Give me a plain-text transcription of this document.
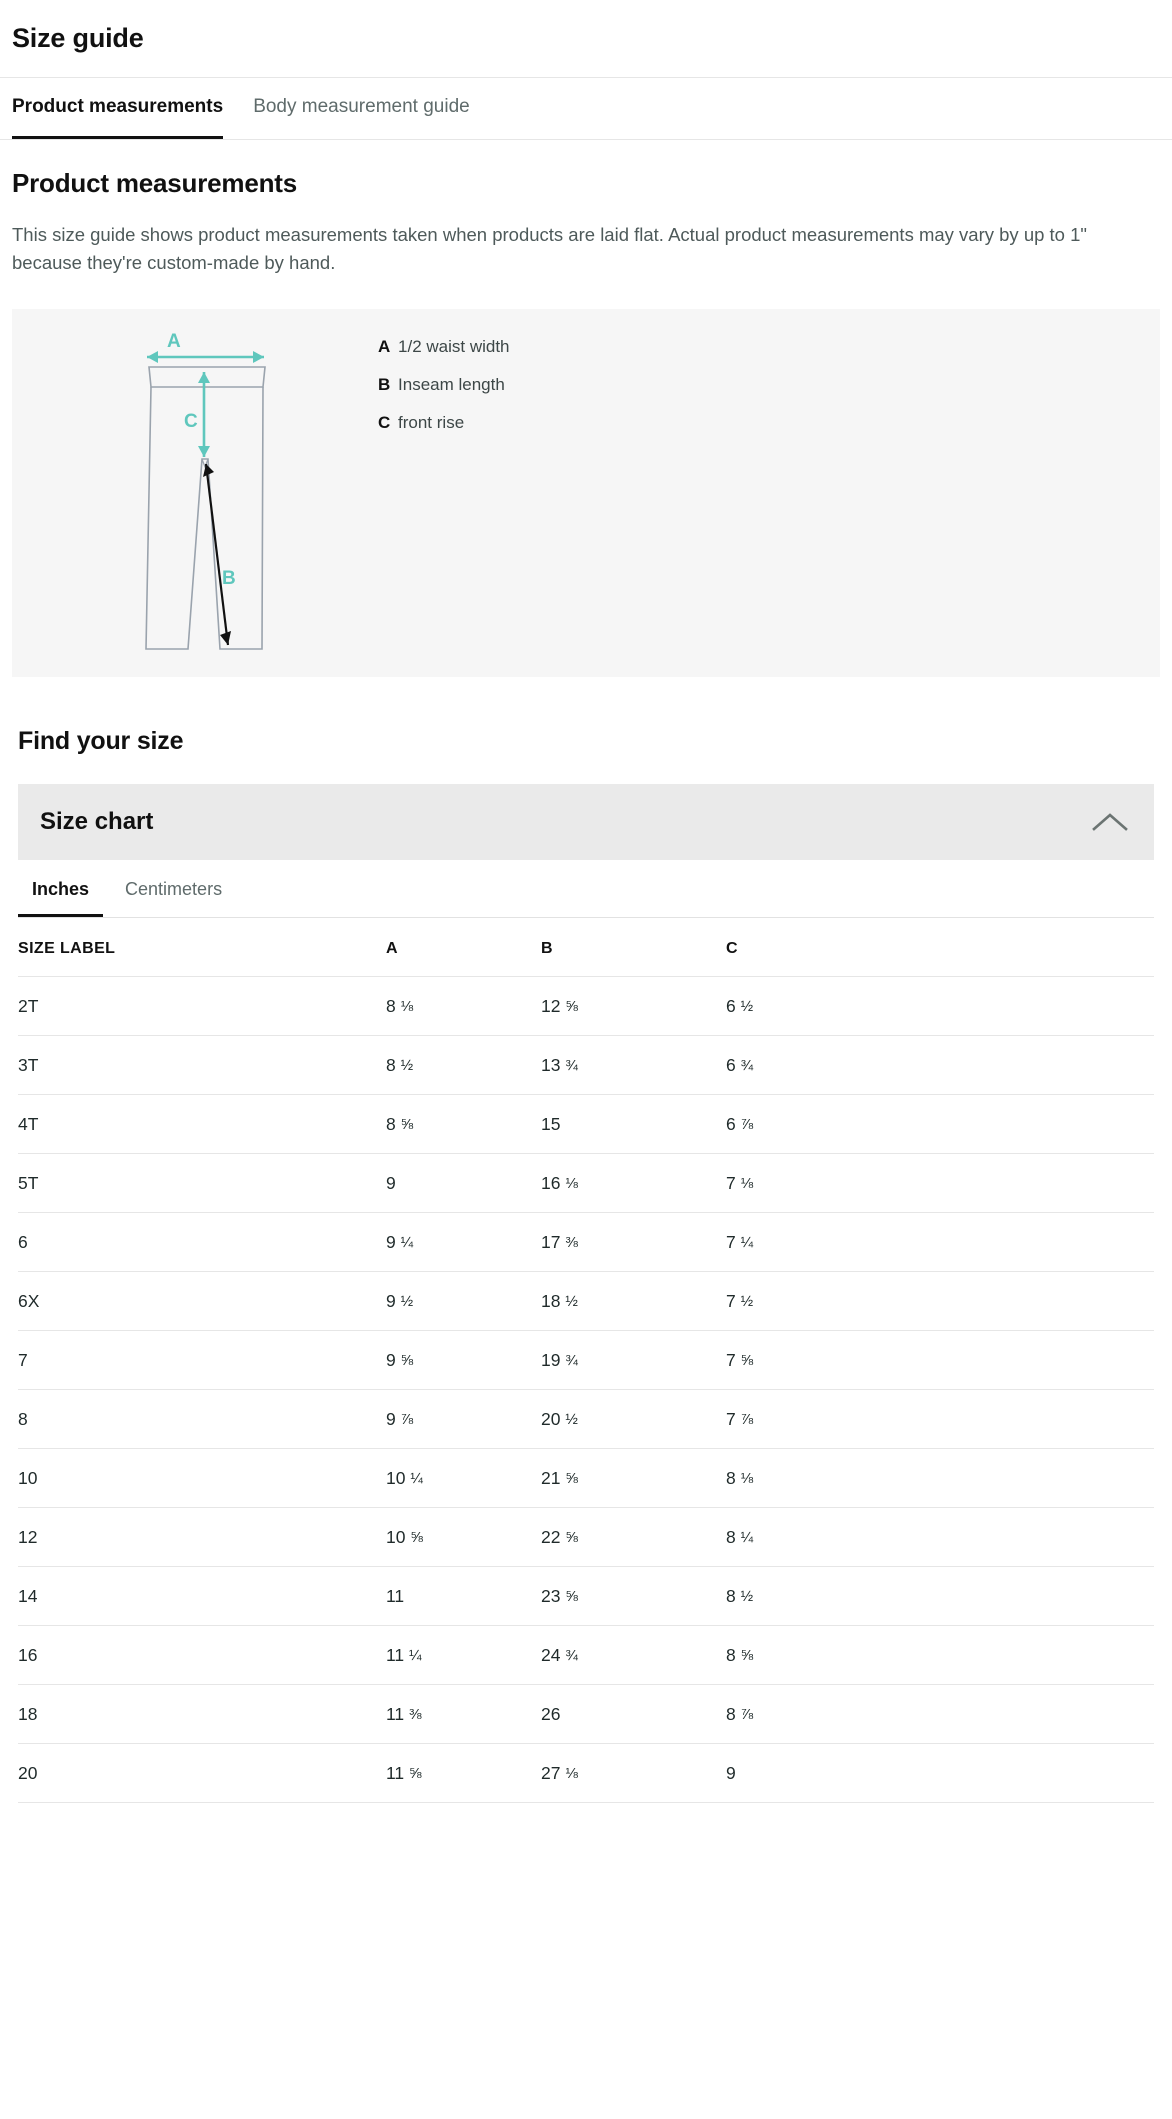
Size guide
Product measurements Body measurement guide
Product measurements

This size guide shows product measurements taken when products are laid flat. Actual product measurements may vary by up to 1" because they're custom-made by hand.

A
C
B
A 1/2 waist width
B Inseam length
C front rise
Find your size
Size chart
Inches	Centimeters
SIZE LABEL	A	B	C
2T	8 ⅛	12 ⅝	6 ½
3T	8 ½	13 ¾	6 ¾
4T	8 ⅝	15	6 ⅞
5T	9	16 ⅛	7 ⅛
6	9 ¼	17 ⅜	7 ¼
6X	9 ½	18 ½	7 ½
7	9 ⅝	19 ¾	7 ⅝
8	9 ⅞	20 ½	7 ⅞
10	10 ¼	21 ⅝	8 ⅛
12	10 ⅝	22 ⅝	8 ¼
14	11	23 ⅝	8 ½
16	11 ¼	24 ¾	8 ⅝
18	11 ⅜	26	8 ⅞
20	11 ⅝	27 ⅛	9
